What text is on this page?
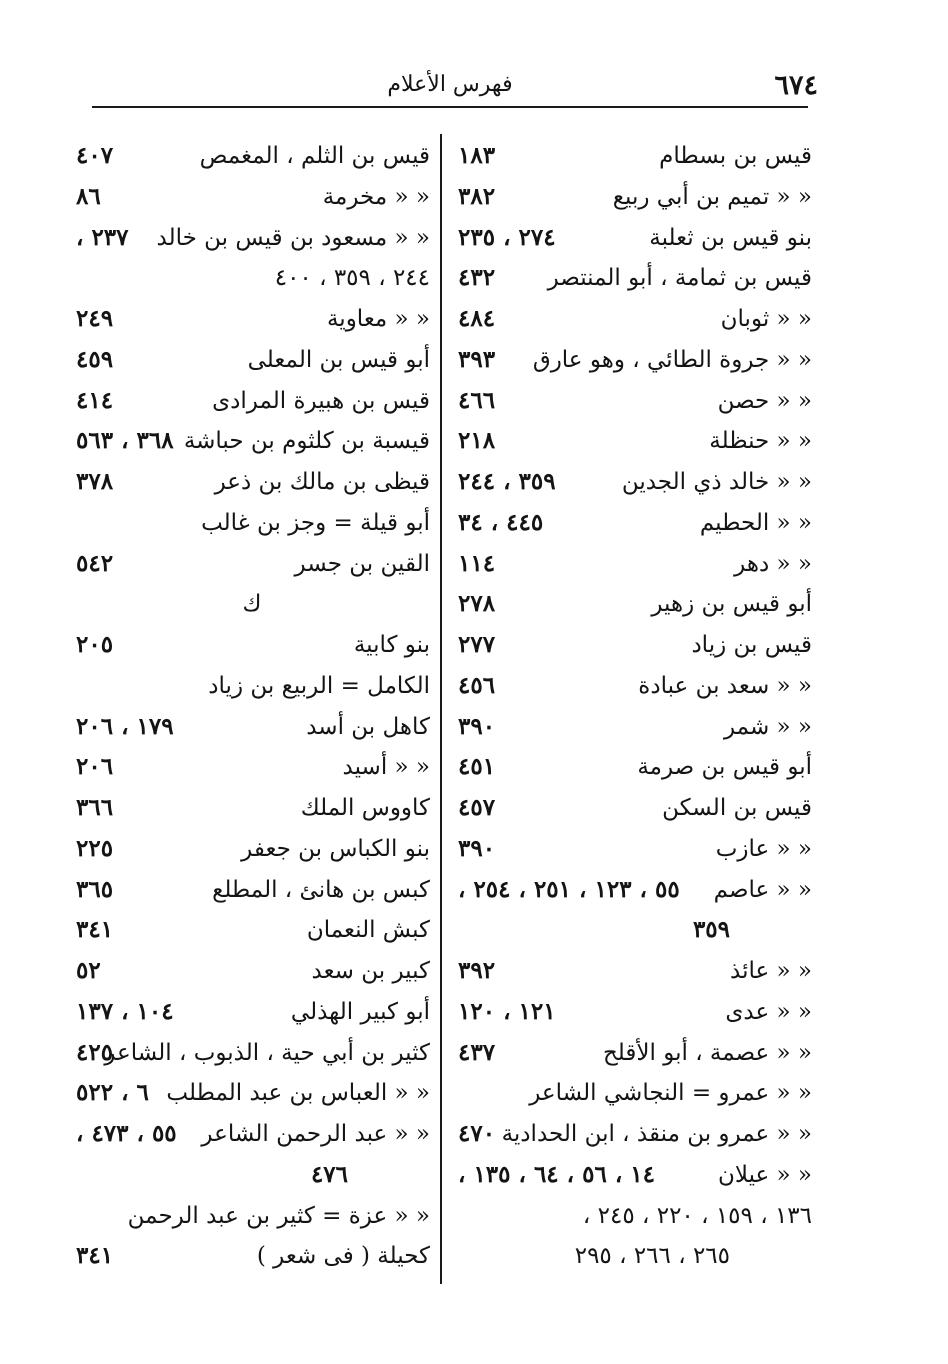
٦٧٤
فهرس الأعلام
قيس بن بسطام
١٨٣
« « تميم بن أبي ربيع
٣٨٢
بنو قيس بن ثعلبة
٢٧٤ ، ٢٣٥
قيس بن ثمامة ، أبو المنتصر
٤٣٢
« « ثوبان
٤٨٤
« « جروة الطائي ، وهو عارق
٣٩٣
« « حصن
٤٦٦
« « حنظلة
٢١٨
« « خالد ذي الجدين
٣٥٩ ، ٢٤٤
« « الحطيم
٤٤٥ ، ٣٤
« « دهر
١١٤
أبو قيس بن زهير
٢٧٨
قيس بن زياد
٢٧٧
« « سعد بن عبادة
٤٥٦
« « شمر
٣٩٠
أبو قيس بن صرمة
٤٥١
قيس بن السكن
٤٥٧
« « عازب
٣٩٠
« « عاصم
٥٥ ، ١٢٣ ، ٢٥١ ، ٢٥٤ ،
٣٥٩
« « عائذ
٣٩٢
« « عدى
١٢١ ، ١٢٠
« « عصمة ، أبو الأقلح
٤٣٧
« « عمرو = النجاشي الشاعر
« « عمرو بن منقذ ، ابن الحدادية
٤٧٠
« « عيلان
١٤ ، ٥٦ ، ٦٤ ، ١٣٥ ،
١٣٦ ، ١٥٩ ، ٢٢٠ ، ٢٤٥ ،
٢٦٥ ، ٢٦٦ ، ٢٩٥
قيس بن الثلم ، المغمص
٤٠٧
« « مخرمة
٨٦
« « مسعود بن قيس بن خالد
٢٣٧ ،
٢٤٤ ، ٣٥٩ ، ٤٠٠
« « معاوية
٢٤٩
أبو قيس بن المعلى
٤٥٩
قيس بن هبيرة المرادى
٤١٤
قيسبة بن كلثوم بن حباشة
٣٦٨ ، ٥٦٣
قيظى بن مالك بن ذعر
٣٧٨
أبو قيلة = وجز بن غالب
القين بن جسر
٥٤٢
ك
بنو كابية
٢٠٥
الكامل = الربيع بن زياد
كاهل بن أسد
١٧٩ ، ٢٠٦
« « أسيد
٢٠٦
كاووس الملك
٣٦٦
بنو الكباس بن جعفر
٢٢٥
كبس بن هانئ ، المطلع
٣٦٥
كبش النعمان
٣٤١
كبير بن سعد
٥٢
أبو كبير الهذلي
١٠٤ ، ١٣٧
كثير بن أبي حية ، الذبوب ، الشاعر
٤٢٥
« « العباس بن عبد المطلب
٦ ، ٥٢٢
« « عبد الرحمن الشاعر
٥٥ ، ٤٧٣ ،
٤٧٦
« « عزة = كثير بن عبد الرحمن
كحيلة ( فى شعر )
٣٤١
